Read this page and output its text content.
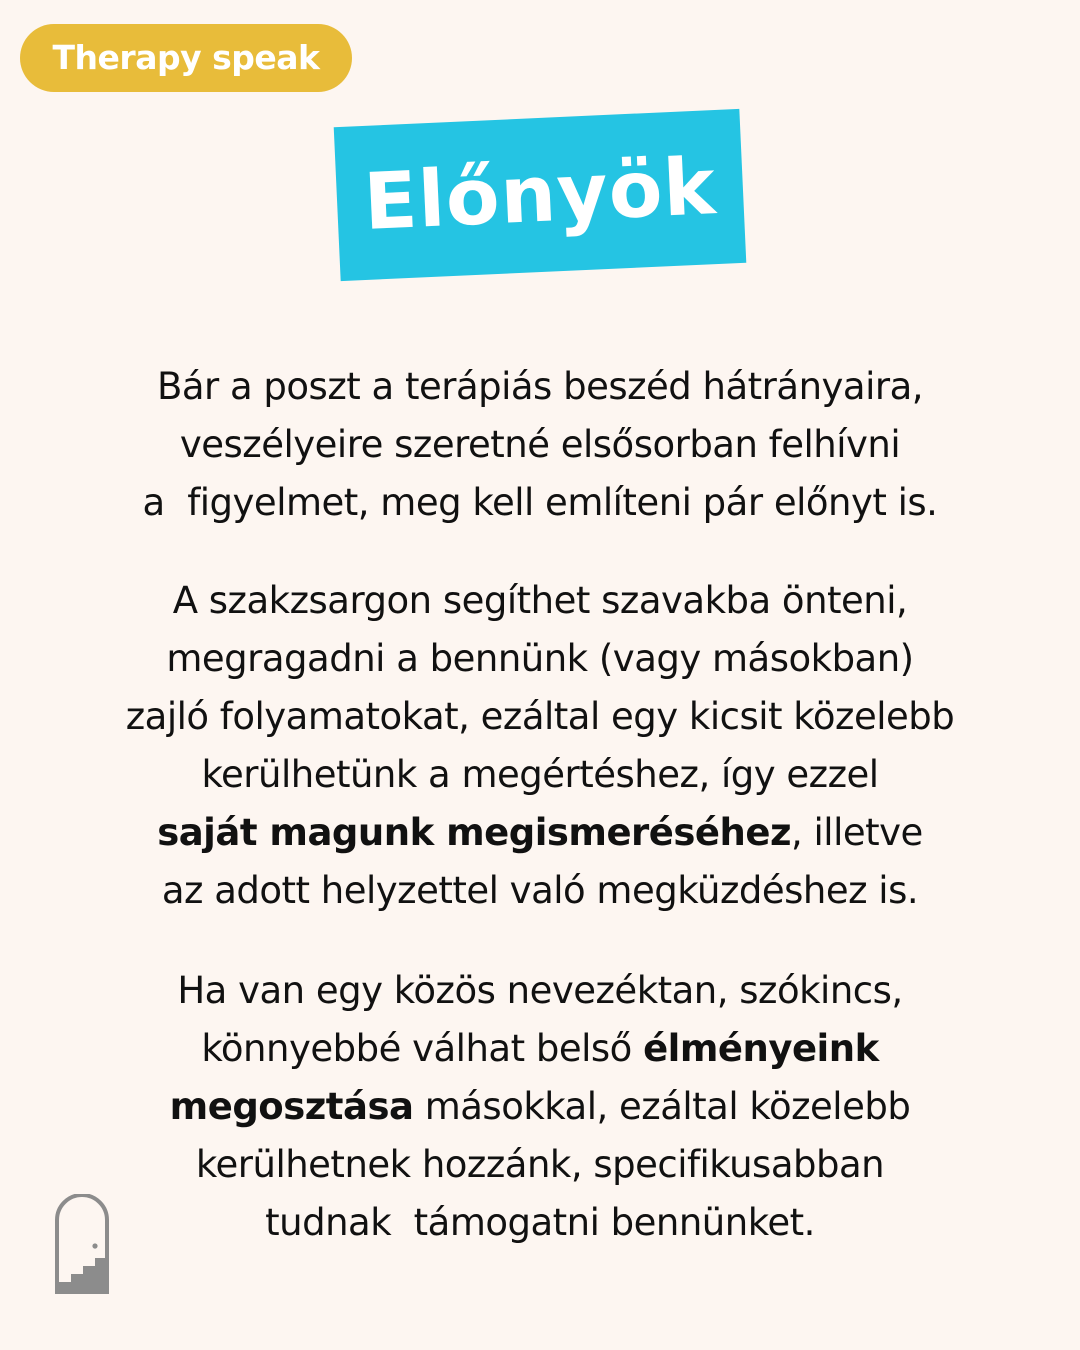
Therapy speak
Előnyök
Bár a poszt a terápiás beszéd hátrányaira,
veszélyeire szeretné elsősorban felhívni
a  figyelmet, meg kell említeni pár előnyt is.
A szakzsargon segíthet szavakba önteni,
megragadni a bennünk (vagy másokban)
zajló folyamatokat, ezáltal egy kicsit közelebb
kerülhetünk a megértéshez, így ezzel
saját magunk megismeréséhez, illetve
az adott helyzettel való megküzdéshez is.
Ha van egy közös nevezéktan, szókincs,
könnyebbé válhat belső élményeink
megosztása másokkal, ezáltal közelebb
kerülhetnek hozzánk, specifikusabban
tudnak  támogatni bennünket.
